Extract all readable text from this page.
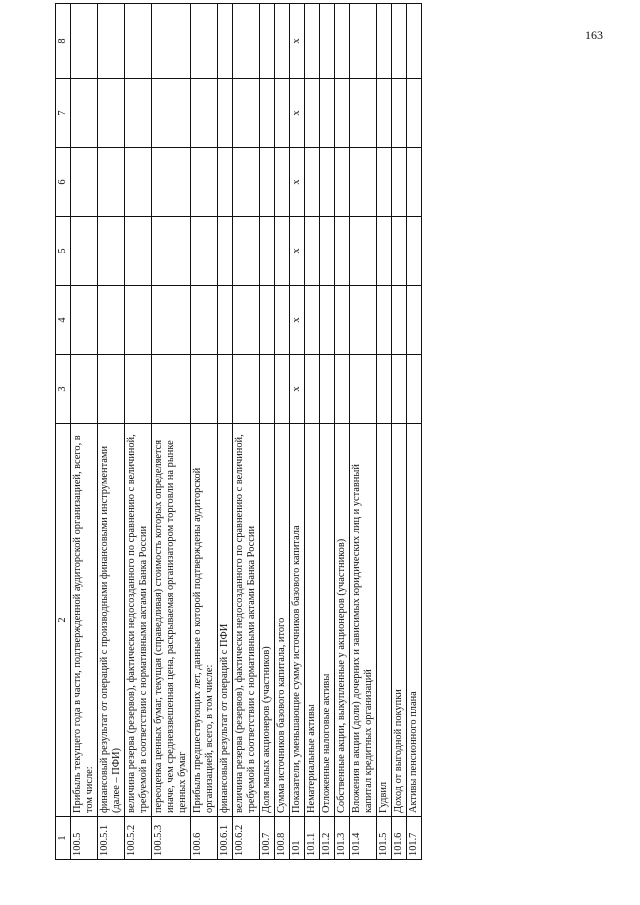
163
1	2	3	4	5	6	7	8
100.5	Прибыль текущего года в части, подтвержденной аудиторской организацией, всего, в том числе:						
100.5.1	финансовый результат от операций с производными финансовыми инструментами (далее – ПФИ)						
100.5.2	величина резерва (резервов), фактически недосозданного по сравнению с величиной, требуемой в соответствии с нормативными актами Банка России						
100.5.3	переоценка ценных бумаг, текущая (справедливая) стоимость которых определяется иначе, чем средневзвешенная цена, раскрываемая организатором торговли на рынке ценных бумаг						
100.6	Прибыль предшествующих лет, данные о которой подтверждены аудиторской организацией, всего, в том числе:						
100.6.1	финансовый результат от операций с ПФИ						
100.6.2	величина резерва (резервов), фактически недосозданного по сравнению с величиной, требуемой в соответствии с нормативными актами Банка России						
100.7	Доля малых акционеров (участников)						
100.8	Сумма источников базового капитала, итого						
101	Показатели, уменьшающие сумму источников базового капитала	x	x	x	x	x	x
101.1	Нематериальные активы						
101.2	Отложенные налоговые активы						
101.3	Собственные акции, выкупленные у акционеров (участников)						
101.4	Вложения в акции (доли) дочерних и зависимых юридических лиц и уставный капитал кредитных организаций						
101.5	Гудвил						
101.6	Доход от выгодной покупки						
101.7	Активы пенсионного плана						
